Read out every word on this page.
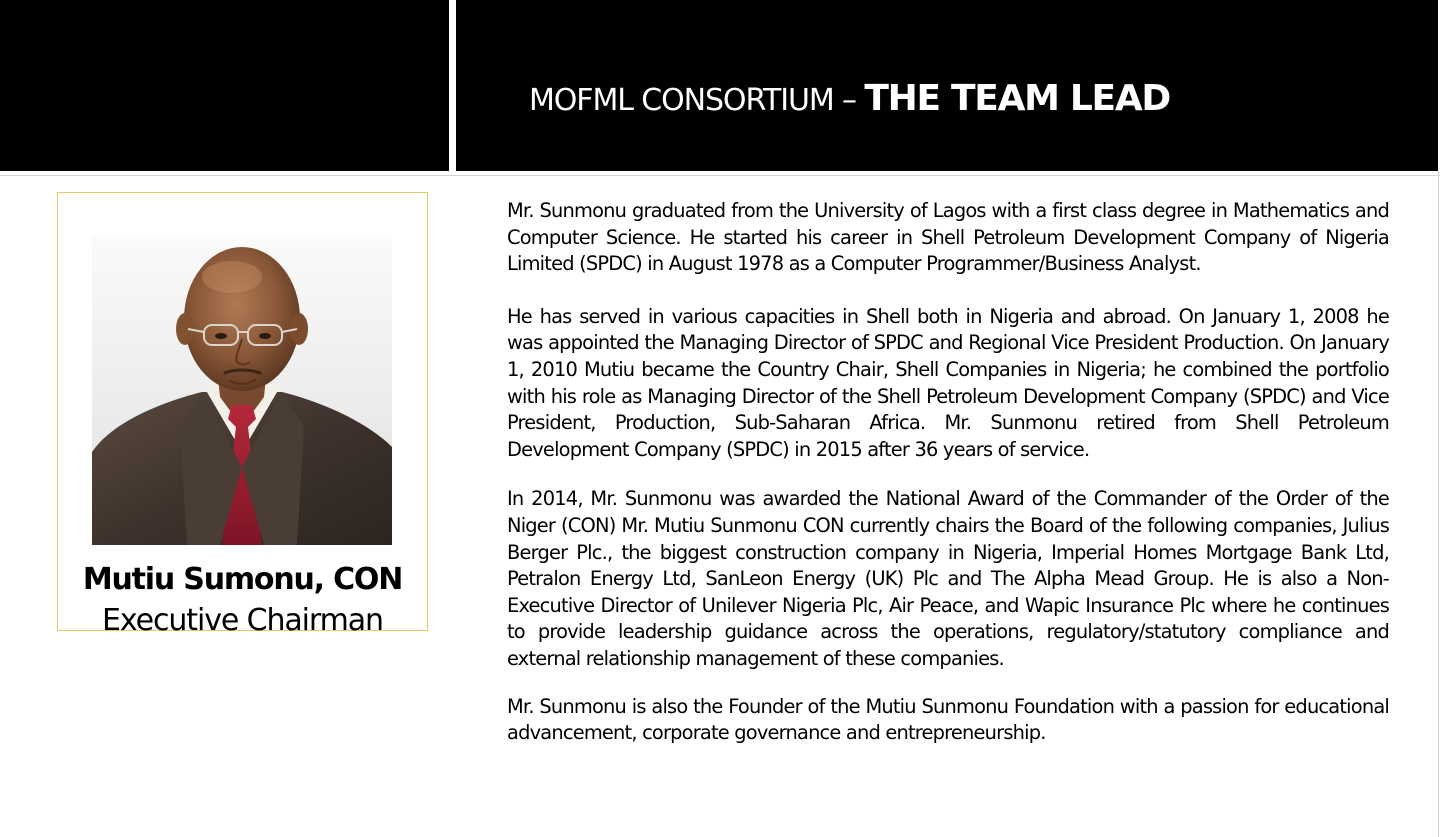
MOFML CONSORTIUM – THE TEAM LEAD
Mutiu Sumonu, CON
Executive Chairman

Mr. Sunmonu graduated from the University of Lagos with a first class degree in Mathematics and Computer Science. He started his career in Shell Petroleum Development Company of Nigeria Limited (SPDC) in August 1978 as a Computer Programmer/Business Analyst.

He has served in various capacities in Shell both in Nigeria and abroad. On January 1, 2008 he was appointed the Managing Director of SPDC and Regional Vice President Production. On January 1, 2010 Mutiu became the Country Chair, Shell Companies in Nigeria; he combined the portfolio with his role as Managing Director of the Shell Petroleum Development Company (SPDC) and Vice President, Production, Sub-Saharan Africa. Mr. Sunmonu retired from Shell Petroleum Development Company (SPDC) in 2015 after 36 years of service.

In 2014, Mr. Sunmonu was awarded the National Award of the Commander of the Order of the Niger (CON) Mr. Mutiu Sunmonu CON currently chairs the Board of the following companies, Julius Berger Plc., the biggest construction company in Nigeria, Imperial Homes Mortgage Bank Ltd, Petralon Energy Ltd, SanLeon Energy (UK) Plc and The Alpha Mead Group. He is also a Non-Executive Director of Unilever Nigeria Plc, Air Peace, and Wapic Insurance Plc where he continues to provide leadership guidance across the operations, regulatory/statutory compliance and external relationship management of these companies.

Mr. Sunmonu is also the Founder of the Mutiu Sunmonu Foundation with a passion for educational advancement, corporate governance and entrepreneurship.
